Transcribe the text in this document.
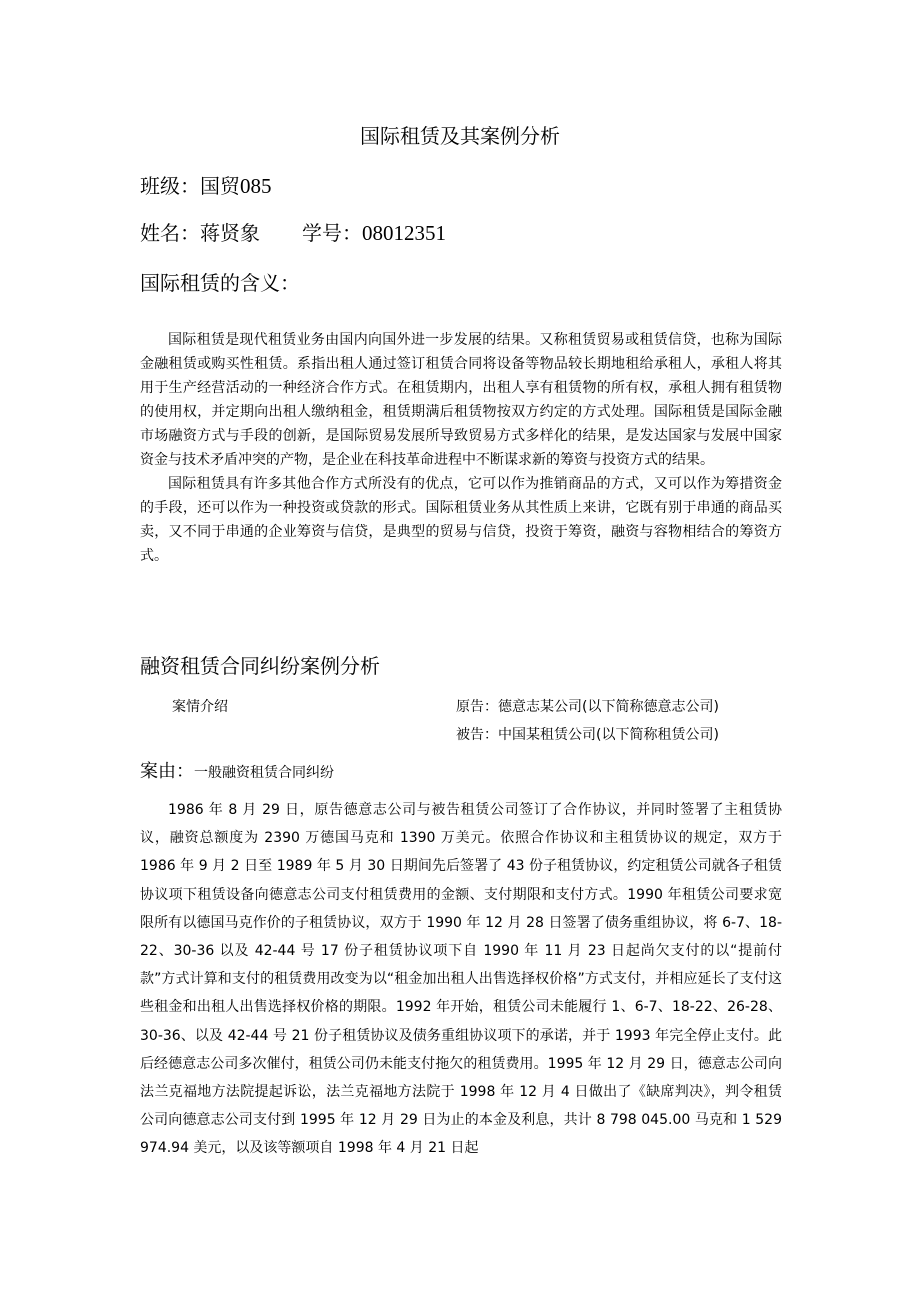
国际租赁及其案例分析
班级：国贸085
姓名：蒋贤象 学号：08012351
国际租赁的含义：

国际租赁是现代租赁业务由国内向国外进一步发展的结果。又称租赁贸易或租赁信贷，也称为国际金融租赁或购买性租赁。系指出租人通过签订租赁合同将设备等物品较长期地租给承租人，承租人将其用于生产经营活动的一种经济合作方式。在租赁期内，出租人享有租赁物的所有权，承租人拥有租赁物的使用权，并定期向出租人缴纳租金，租赁期满后租赁物按双方约定的方式处理。国际租赁是国际金融市场融资方式与手段的创新，是国际贸易发展所导致贸易方式多样化的结果，是发达国家与发展中国家资金与技术矛盾冲突的产物，是企业在科技革命进程中不断谋求新的筹资与投资方式的结果。

国际租赁具有许多其他合作方式所没有的优点，它可以作为推销商品的方式，又可以作为筹措资金的手段，还可以作为一种投资或贷款的形式。国际租赁业务从其性质上来讲，它既有别于串通的商品买卖，又不同于串通的企业筹资与信贷，是典型的贸易与信贷，投资于筹资，融资与容物相结合的筹资方式。

融资租赁合同纠纷案例分析
案情介绍	原告：德意志某公司(以下简称德意志公司)
被告：中国某租赁公司(以下简称租赁公司)
案由：一般融资租赁合同纠纷

1986 年 8 月 29 日，原告德意志公司与被告租赁公司签订了合作协议，并同时签署了主租赁协议，融资总额度为 2390 万德国马克和 1390 万美元。依照合作协议和主租赁协议的规定，双方于 1986 年 9 月 2 日至 1989 年 5 月 30 日期间先后签署了 43 份子租赁协议，约定租赁公司就各子租赁协议项下租赁设备向德意志公司支付租赁费用的金额、支付期限和支付方式。1990 年租赁公司要求宽限所有以德国马克作价的子租赁协议，双方于 1990 年 12 月 28 日签署了债务重组协议，将 6-7、18-22、30-36 以及 42-44 号 17 份子租赁协议项下自 1990 年 11 月 23 日起尚欠支付的以“提前付款”方式计算和支付的租赁费用改变为以“租金加出租人出售选择权价格”方式支付，并相应延长了支付这些租金和出租人出售选择权价格的期限。1992 年开始，租赁公司未能履行 1、6-7、18-22、26-28、30-36、以及 42-44 号 21 份子租赁协议及债务重组协议项下的承诺，并于 1993 年完全停止支付。此后经德意志公司多次催付，租赁公司仍未能支付拖欠的租赁费用。1995 年 12 月 29 日，德意志公司向法兰克福地方法院提起诉讼，法兰克福地方法院于 1998 年 12 月 4 日做出了《缺席判决》，判令租赁公司向德意志公司支付到 1995 年 12 月 29 日为止的本金及利息，共计 8 798 045.00 马克和 1 529 974.94 美元，以及该等额项自 1998 年 4 月 21 日起
